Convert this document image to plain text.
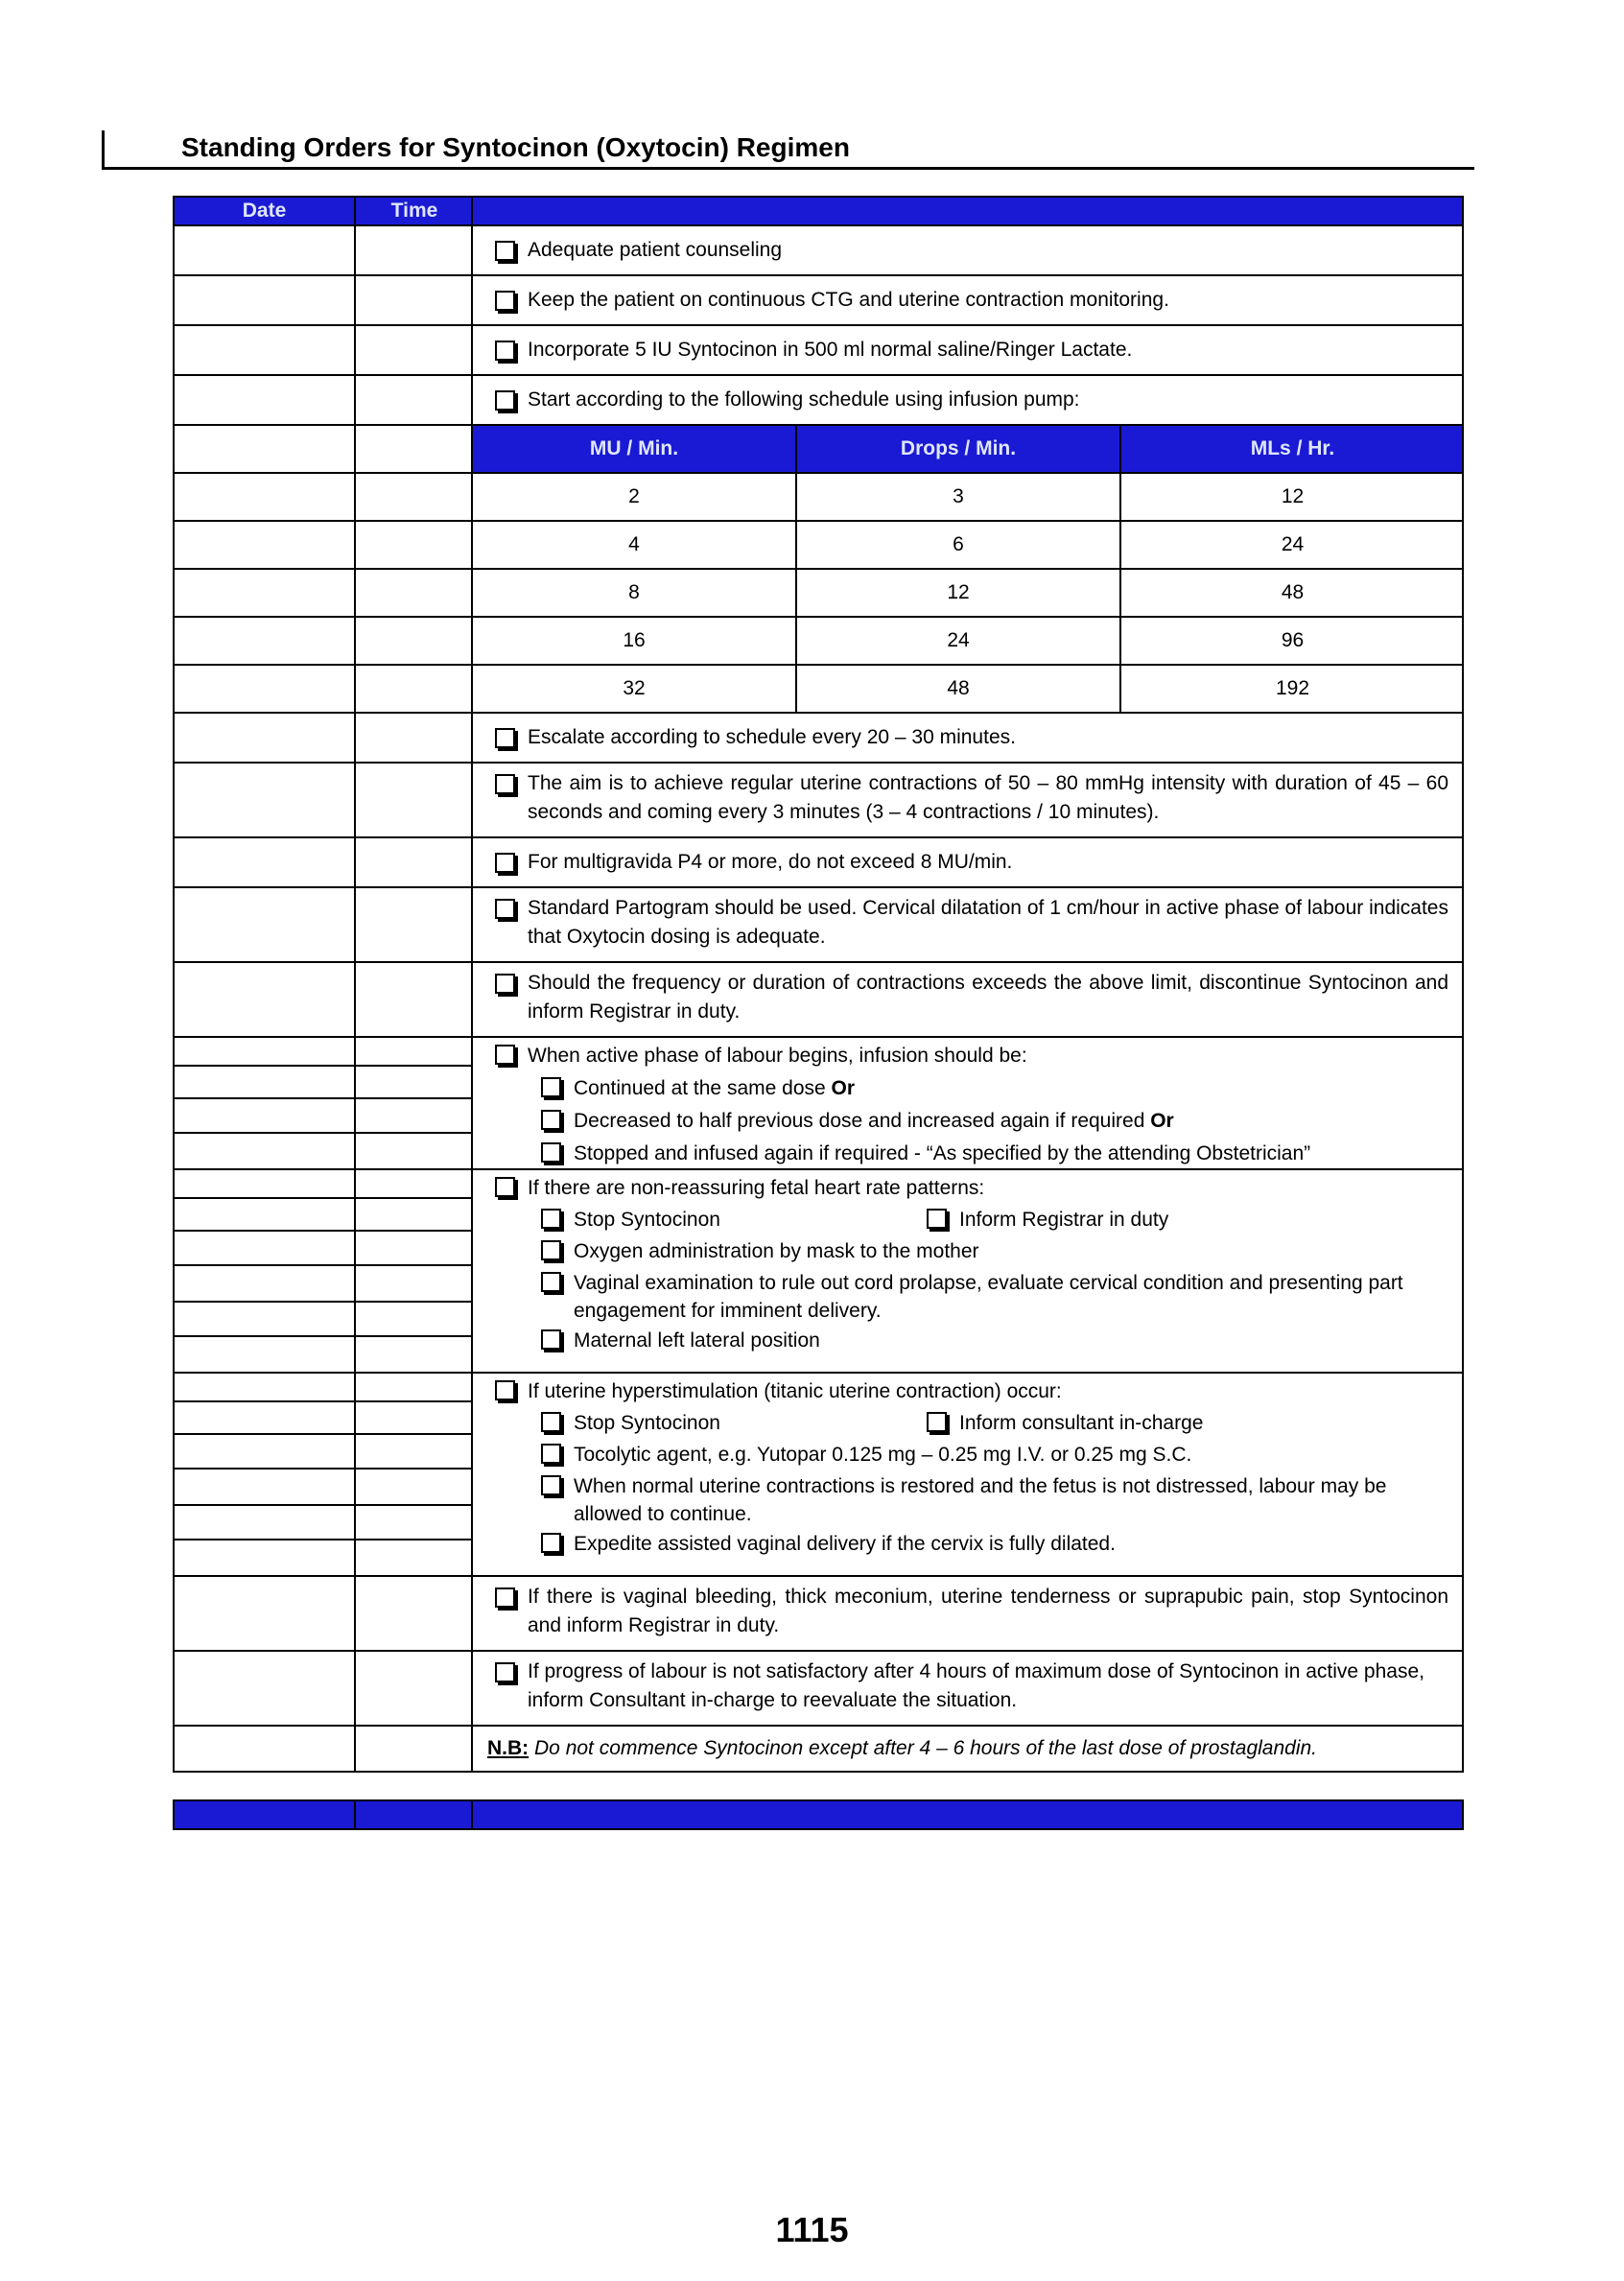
Standing Orders for Syntocinon (Oxytocin) Regimen
Date	Time
Adequate patient counseling
Keep the patient on continuous CTG and uterine contraction monitoring.
Incorporate 5 IU Syntocinon in 500 ml normal saline/Ringer Lactate.
Start according to the following schedule using infusion pump:
MU / Min.	Drops / Min.	MLs / Hr.
2	3	12
4	6	24
8	12	48
16	24	96
32	48	192
Escalate according to schedule every 20 – 30 minutes.
The aim is to achieve regular uterine contractions of 50 – 80 mmHg intensity with duration of 45 – 60 seconds and coming every 3 minutes (3 – 4 contractions / 10 minutes).
For multigravida P4 or more, do not exceed 8 MU/min.
Standard Partogram should be used. Cervical dilatation of 1 cm/hour in active phase of labour indicates that Oxytocin dosing is adequate.
Should the frequency or duration of contractions exceeds the above limit, discontinue Syntocinon and inform Registrar in duty.
When active phase of labour begins, infusion should be:
Continued at the same dose Or
Decreased to half previous dose and increased again if required Or
Stopped and infused again if required - “As specified by the attending Obstetrician”
If there are non-reassuring fetal heart rate patterns:
Stop Syntocinon	Inform Registrar in duty
Oxygen administration by mask to the mother
Vaginal examination to rule out cord prolapse, evaluate cervical condition and presenting part engagement for imminent delivery.
Maternal left lateral position
If uterine hyperstimulation (titanic uterine contraction) occur:
Stop Syntocinon	Inform consultant in-charge
Tocolytic agent, e.g. Yutopar 0.125 mg – 0.25 mg I.V. or 0.25 mg S.C.
When normal uterine contractions is restored and the fetus is not distressed, labour may be allowed to continue.
Expedite assisted vaginal delivery if the cervix is fully dilated.
If there is vaginal bleeding, thick meconium, uterine tenderness or suprapubic pain, stop Syntocinon and inform Registrar in duty.
If progress of labour is not satisfactory after 4 hours of maximum dose of Syntocinon in active phase, inform Consultant in-charge to reevaluate the situation.
N.B: Do not commence Syntocinon except after 4 – 6 hours of the last dose of prostaglandin.
1115
